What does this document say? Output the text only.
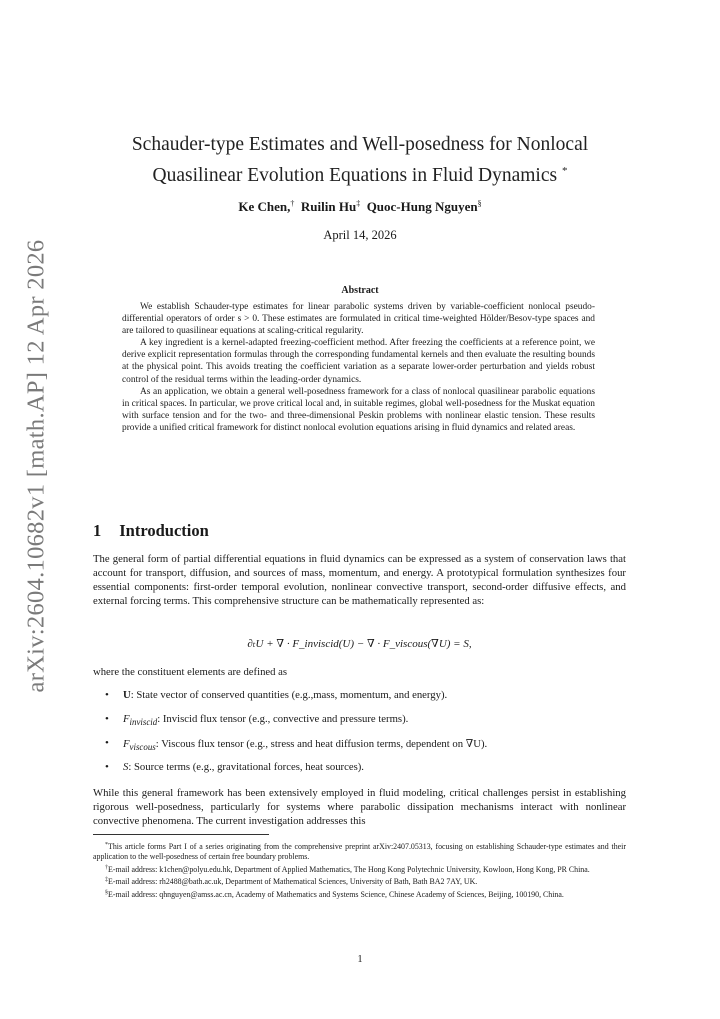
arXiv:2604.10682v1 [math.AP] 12 Apr 2026
Schauder-type Estimates and Well-posedness for Nonlocal
Quasilinear Evolution Equations in Fluid Dynamics *
Ke Chen,† Ruilin Hu‡ Quoc-Hung Nguyen§
April 14, 2026
Abstract

We establish Schauder-type estimates for linear parabolic systems driven by variable-coefficient nonlocal pseudo-differential operators of order s > 0. These estimates are formulated in critical time-weighted Hölder/Besov-type spaces and are tailored to quasilinear equations at scaling-critical regularity.

A key ingredient is a kernel-adapted freezing-coefficient method. After freezing the coefficients at a reference point, we derive explicit representation formulas through the corresponding fundamental kernels and then evaluate the resulting bounds at the physical point. This avoids treating the coefficient variation as a separate lower-order perturbation and yields robust control of the residual terms within the leading-order dynamics.

As an application, we obtain a general well-posedness framework for a class of nonlocal quasilinear parabolic equations in critical spaces. In particular, we prove critical local and, in suitable regimes, global well-posedness for the Muskat equation with surface tension and for the two- and three-dimensional Peskin problems with nonlinear elastic tension. These results provide a unified critical framework for distinct nonlocal evolution equations arising in fluid dynamics and related areas.

1 Introduction

The general form of partial differential equations in fluid dynamics can be expressed as a system of conservation laws that account for transport, diffusion, and sources of mass, momentum, and energy. A prototypical formulation synthesizes four essential components: first-order temporal evolution, nonlinear convective transport, second-order diffusive effects, and external forcing terms. This comprehensive structure can be mathematically represented as:

∂ₜU + ∇ · F_inviscid(U) − ∇ · F_viscous(∇U) = S,
where the constituent elements are defined as
•	U: State vector of conserved quantities (e.g.,mass, momentum, and energy).
•	$F_{inviscid}$: Inviscid flux tensor (e.g., convective and pressure terms).
•	$F_{viscous}$: Viscous flux tensor (e.g., stress and heat diffusion terms, dependent on ∇U).
•	S: Source terms (e.g., gravitational forces, heat sources).

While this general framework has been extensively employed in fluid modeling, critical challenges persist in establishing rigorous well-posedness, particularly for systems where parabolic dissipation mechanisms interact with nonlinear convective phenomena. The current investigation addresses this

*This article forms Part I of a series originating from the comprehensive preprint arXiv:2407.05313, focusing on establishing Schauder-type estimates and their application to the well-posedness of certain free boundary problems.

†E-mail address: k1chen@polyu.edu.hk, Department of Applied Mathematics, The Hong Kong Polytechnic University, Kowloon, Hong Kong, PR China.

‡E-mail address: rh2488@bath.ac.uk, Department of Mathematical Sciences, University of Bath, Bath BA2 7AY, UK.

§E-mail address: qhnguyen@amss.ac.cn, Academy of Mathematics and Systems Science, Chinese Academy of Sciences, Beijing, 100190, China.

1
